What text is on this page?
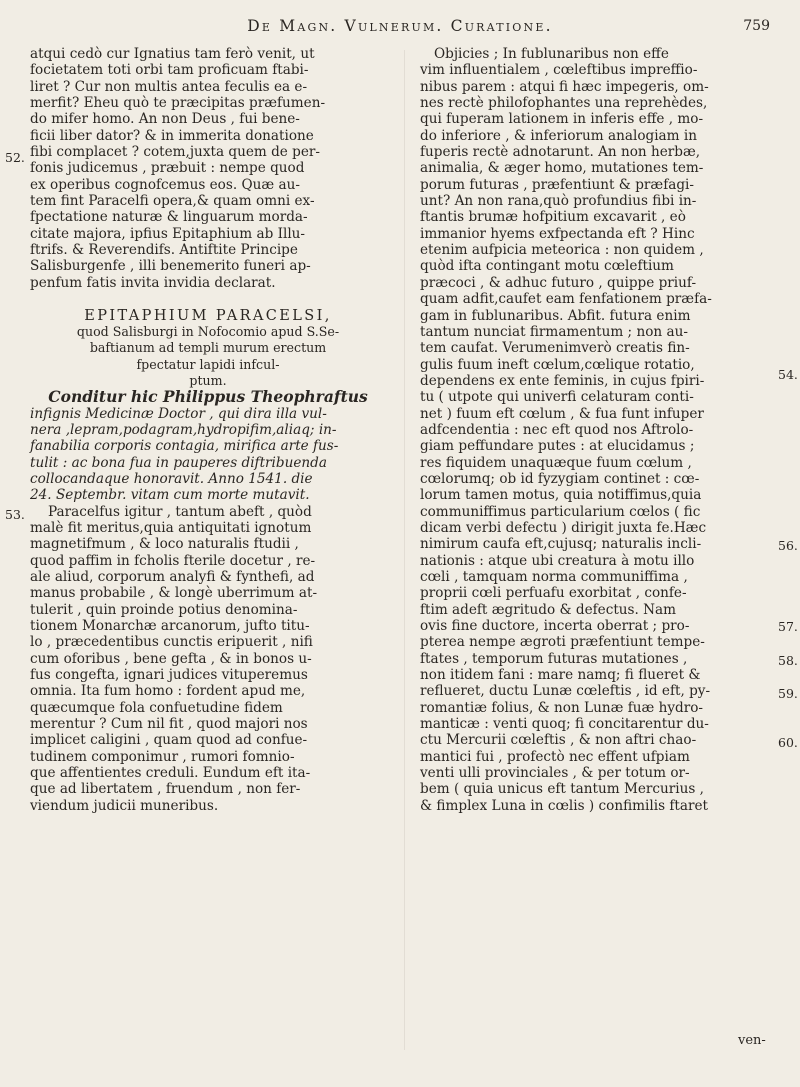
De Magn. Vulnerum. Curatione.	759
atqui cedò cur Ignatius tam ferò venit, ut
focietatem toti orbi tam proficuam ftabi-
liret ? Cur non multis antea feculis ea e-
merfit? Eheu quò te præcipitas præfumen-
do mifer homo. An non Deus , fui bene-
ficii liber dator? & in immerita donatione
fibi complacet ? cotem,juxta quem de per-
fonis judicemus , præbuit : nempe quod
ex operibus cognofcemus eos. Quæ au-
tem fint Paracelfi opera,& quam omni ex-
fpectatione naturæ & linguarum morda-
citate majora, ipfius Epitaphium ab Illu-
ftrifs. & Reverendifs. Antiftite Principe
Salisburgenfe , illi benemerito funeri ap-
penfum fatis invita invidia declarat.
EPITAPHIUM PARACELSI,
quod Salisburgi in Nofocomio apud S.Se-
baftianum ad templi murum erectum
fpectatur lapidi infcul-
ptum.
Conditur hic Philippus Theophraftus
infignis Medicinæ Doctor , qui dira illa vul-
nera ,lepram,podagram,hydropifim,aliaq; in-
fanabilia corporis contagia, mirifica arte fus-
tulit : ac bona fua in pauperes diftribuenda
collocandaque honoravit. Anno 1541. die
24. Septembr. vitam cum morte mutavit.
Paracelfus igitur , tantum abeft , quòd
malè fit meritus,quia antiquitati ignotum
magnetifmum , & loco naturalis ftudii ,
quod paffim in fcholis fterile docetur , re-
ale aliud, corporum analyfi & fynthefi, ad
manus probabile , & longè uberrimum at-
tulerit , quin proinde potius denomina-
tionem Monarchæ arcanorum, jufto titu-
lo , præcedentibus cunctis eripuerit , nifi
cum oforibus , bene gefta , & in bonos u-
fus congefta, ignari judices vituperemus
omnia. Ita fum homo : fordent apud me,
quæcumque fola confuetudine fidem
merentur ? Cum nil fit , quod majori nos
implicet caligini , quam quod ad confue-
tudinem componimur , rumori fomnio-
que affentientes creduli. Eundum eft ita-
que ad libertatem , fruendum , non fer-
viendum judicii muneribus.
Objicies ; In fublunaribus non effe
vim influentialem , cœleftibus impreffio-
nibus parem : atqui fi hæc impegeris, om-
nes rectè philofophantes una reprehèdes,
qui fuperam lationem in inferis effe , mo-
do inferiore , & inferiorum analogiam in
fuperis rectè adnotarunt. An non herbæ,
animalia, & æger homo, mutationes tem-
porum futuras , præfentiunt & præfagi-
unt? An non rana,quò profundius fibi in-
ftantis brumæ hofpitium excavarit , eò
immanior hyems exfpectanda eft ? Hinc
etenim aufpicia meteorica : non quidem ,
quòd ifta contingant motu cœleftium
præcoci , & adhuc futuro , quippe priuf-
quam adfit,caufet eam fenfationem præfa-
gam in fublunaribus. Abfit. futura enim
tantum nunciat firmamentum ; non au-
tem caufat. Verumenimverò creatis fin-
gulis fuum ineft cœlum,cœlique rotatio,
dependens ex ente feminis, in cujus fpiri-
tu ( utpote qui univerfi celaturam conti-
net ) fuum eft cœlum , & fua funt infuper
adfcendentia : nec eft quod nos Aftrolo-
giam peffundare putes : at elucidamus ;
res fiquidem unaquæque fuum cœlum ,
cœlorumq; ob id fyzygiam continet : cœ-
lorum tamen motus, quia notiffimus,quia
communiffimus particularium cœlos ( fic
dicam verbi defectu ) dirigit juxta fe.Hæc
nimirum caufa eft,cujusq; naturalis incli-
nationis : atque ubi creatura à motu illo
cœli , tamquam norma communiffima ,
proprii cœli perfuafu exorbitat , confe-
ftim adeft ægritudo & defectus. Nam
ovis fine ductore, incerta oberrat ; pro-
pterea nempe ægroti præfentiunt tempe-
ftates , temporum futuras mutationes ,
non itidem fani : mare namq; fi flueret &
reflueret, ductu Lunæ cœleftis , id eft, py-
romantiæ folius, & non Lunæ fuæ hydro-
manticæ : venti quoq; fi concitarentur du-
ctu Mercurii cœleftis , & non aftri chao-
mantici fui , profectò nec effent ufpiam
venti ulli provinciales , & per totum or-
bem ( quia unicus eft tantum Mercurius ,
& fimplex Luna in cœlis ) confimilis ftaret
52.
53.
54.
56.
57.
58.
59.
60.
ven-
